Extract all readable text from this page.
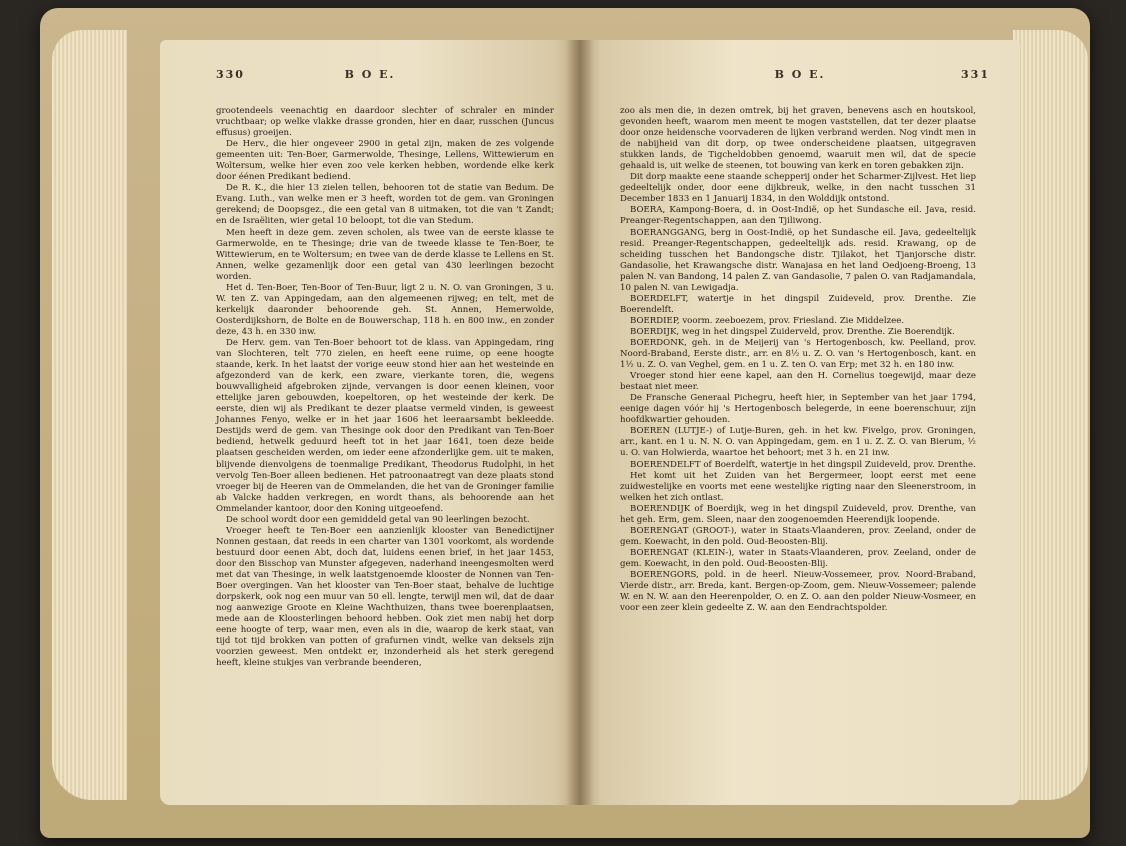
330	B O E.

grootendeels veenachtig en daardoor slechter of schraler en minder vruchtbaar; op welke vlakke drasse gronden, hier en daar, russchen (Juncus effusus) groeijen.

De Herv., die hier ongeveer 2900 in getal zijn, maken de zes volgende gemeenten uit: Ten-Boer, Garmerwolde, Thesinge, Lellens, Wittewierum en Woltersum, welke hier even zoo vele kerken hebben, wordende elke kerk door éénen Predikant bediend.

De R. K., die hier 13 zielen tellen, behooren tot de statie van Bedum. De Evang. Luth., van welke men er 3 heeft, worden tot de gem. van Groningen gerekend; de Doopsgez., die een getal van 8 uitmaken, tot die van 't Zandt; en de Israëliten, wier getal 10 beloopt, tot die van Stedum.

Men heeft in deze gem. zeven scholen, als twee van de eerste klasse te Garmerwolde, en te Thesinge; drie van de tweede klasse te Ten-Boer, te Wittewierum, en te Woltersum; en twee van de derde klasse te Lellens en St. Annen, welke gezamenlijk door een getal van 430 leerlingen bezocht worden.

Het d. Ten-Boer, Ten-Boor of Ten-Buur, ligt 2 u. N. O. van Groningen, 3 u. W. ten Z. van Appingedam, aan den algemeenen rijweg; en telt, met de kerkelijk daaronder behoorende geh. St. Annen, Hemerwolde, Oosterdijkshorn, de Bolte en de Bouwerschap, 118 h. en 800 inw., en zonder deze, 43 h. en 330 inw.

De Herv. gem. van Ten-Boer behoort tot de klass. van Appingedam, ring van Slochteren, telt 770 zielen, en heeft eene ruime, op eene hoogte staande, kerk. In het laatst der vorige eeuw stond hier aan het westeinde en afgezonderd van de kerk, een zware, vierkante toren, die, wegens bouwvalligheid afgebroken zijnde, vervangen is door eenen kleinen, voor ettelijke jaren gebouwden, koepeltoren, op het westeinde der kerk. De eerste, dien wij als Predikant te dezer plaatse vermeld vinden, is geweest Johannes Fenyo, welke er in het jaar 1606 het leeraarsambt bekleedde. Destijds werd de gem. van Thesinge ook door den Predikant van Ten-Boer bediend, hetwelk geduurd heeft tot in het jaar 1641, toen deze beide plaatsen gescheiden werden, om ieder eene afzonderlijke gem. uit te maken, blijvende dienvolgens de toenmalige Predikant, Theodorus Rudolphi, in het vervolg Ten-Boer alleen bedienen. Het patroonaatregt van deze plaats stond vroeger bij de Heeren van de Ommelanden, die het van de Groninger familie ab Valcke hadden verkregen, en wordt thans, als behoorende aan het Ommelander kantoor, door den Koning uitgeoefend.

De school wordt door een gemiddeld getal van 90 leerlingen bezocht.

Vroeger heeft te Ten-Boer een aanzienlijk klooster van Benedictijner Nonnen gestaan, dat reeds in een charter van 1301 voorkomt, als wordende bestuurd door eenen Abt, doch dat, luidens eenen brief, in het jaar 1453, door den Bisschop van Munster afgegeven, naderhand ineengesmolten werd met dat van Thesinge, in welk laatstgenoemde klooster de Nonnen van Ten-Boer overgingen. Van het klooster van Ten-Boer staat, behalve de luchtige dorpskerk, ook nog een muur van 50 ell. lengte, terwijl men wil, dat de daar nog aanwezige Groote en Kleine Wachthuizen, thans twee boerenplaatsen, mede aan de Kloosterlingen behoord hebben. Ook ziet men nabij het dorp eene hoogte of terp, waar men, even als in die, waarop de kerk staat, van tijd tot tijd brokken van potten of grafurnen vindt, welke van deksels zijn voorzien geweest. Men ontdekt er, inzonderheid als het sterk geregend heeft, kleine stukjes van verbrande beenderen,

B O E.	331

zoo als men die, in dezen omtrek, bij het graven, benevens asch en houtskool, gevonden heeft, waarom men meent te mogen vaststellen, dat ter dezer plaatse door onze heidensche voorvaderen de lijken verbrand werden. Nog vindt men in de nabijheid van dit dorp, op twee onderscheidene plaatsen, uitgegraven stukken lands, de Tigcheldobben genoemd, waaruit men wil, dat de specie gehaald is, uit welke de steenen, tot bouwing van kerk en toren gebakken zijn.

Dit dorp maakte eene staande schepperij onder het Scharmer-Zijlvest. Het liep gedeeltelijk onder, door eene dijkbreuk, welke, in den nacht tusschen 31 December 1833 en 1 Januarij 1834, in den Wolddijk ontstond.

BOERA, Kampong-Boera, d. in Oost-Indië, op het Sundasche eil. Java, resid. Preanger-Regentschappen, aan den Tjiliwong.

BOERANGGANG, berg in Oost-Indië, op het Sundasche eil. Java, gedeeltelijk resid. Preanger-Regentschappen, gedeeltelijk ads. resid. Krawang, op de scheiding tusschen het Bandongsche distr. Tjilakot, het Tjanjorsche distr. Gandasolie, het Krawangsche distr. Wanajasa en het land Oedjoeng-Broeng, 13 palen N. van Bandong, 14 palen Z. van Gandasolie, 7 palen O. van Radjamandala, 10 palen N. van Lewigadja.

BOERDELFT, watertje in het dingspil Zuideveld, prov. Drenthe. Zie Boerendelft.

BOERDIEP, voorm. zeeboezem, prov. Friesland. Zie Middelzee.

BOERDIJK, weg in het dingspel Zuiderveld, prov. Drenthe. Zie Boerendijk.

BOERDONK, geh. in de Meijerij van 's Hertogenbosch, kw. Peelland, prov. Noord-Braband, Eerste distr., arr. en 8½ u. Z. O. van 's Hertogenbosch, kant. en 1½ u. Z. O. van Veghel, gem. en 1 u. Z. ten O. van Erp; met 32 h. en 180 inw.

Vroeger stond hier eene kapel, aan den H. Cornelius toegewijd, maar deze bestaat niet meer.

De Fransche Generaal Pichegru, heeft hier, in September van het jaar 1794, eenige dagen vóór hij 's Hertogenbosch belegerde, in eene boerenschuur, zijn hoofdkwartier gehouden.

BOEREN (LUTJE-) of Lutje-Buren, geh. in het kw. Fivelgo, prov. Groningen, arr., kant. en 1 u. N. N. O. van Appingedam, gem. en 1 u. Z. Z. O. van Bierum, ½ u. O. van Holwierda, waartoe het behoort; met 3 h. en 21 inw.

BOERENDELFT of Boerdelft, watertje in het dingspil Zuideveld, prov. Drenthe.

Het komt uit het Zuiden van het Bergermeer, loopt eerst met eene zuidwestelijke en voorts met eene westelijke rigting naar den Sleenerstroom, in welken het zich ontlast.

BOERENDIJK of Boerdijk, weg in het dingspil Zuideveld, prov. Drenthe, van het geh. Erm, gem. Sleen, naar den zoogenoemden Heerendijk loopende.

BOERENGAT (GROOT-), water in Staats-Vlaanderen, prov. Zeeland, onder de gem. Koewacht, in den pold. Oud-Beoosten-Blij.

BOERENGAT (KLEIN-), water in Staats-Vlaanderen, prov. Zeeland, onder de gem. Koewacht, in den pold. Oud-Beoosten-Blij.

BOERENGORS, pold. in de heerl. Nieuw-Vossemeer, prov. Noord-Braband, Vierde distr., arr. Breda, kant. Bergen-op-Zoom, gem. Nieuw-Vossemeer; palende W. en N. W. aan den Heerenpolder, O. en Z. O. aan den polder Nieuw-Vosmeer, en voor een zeer klein gedeelte Z. W. aan den Eendrachtspolder.
